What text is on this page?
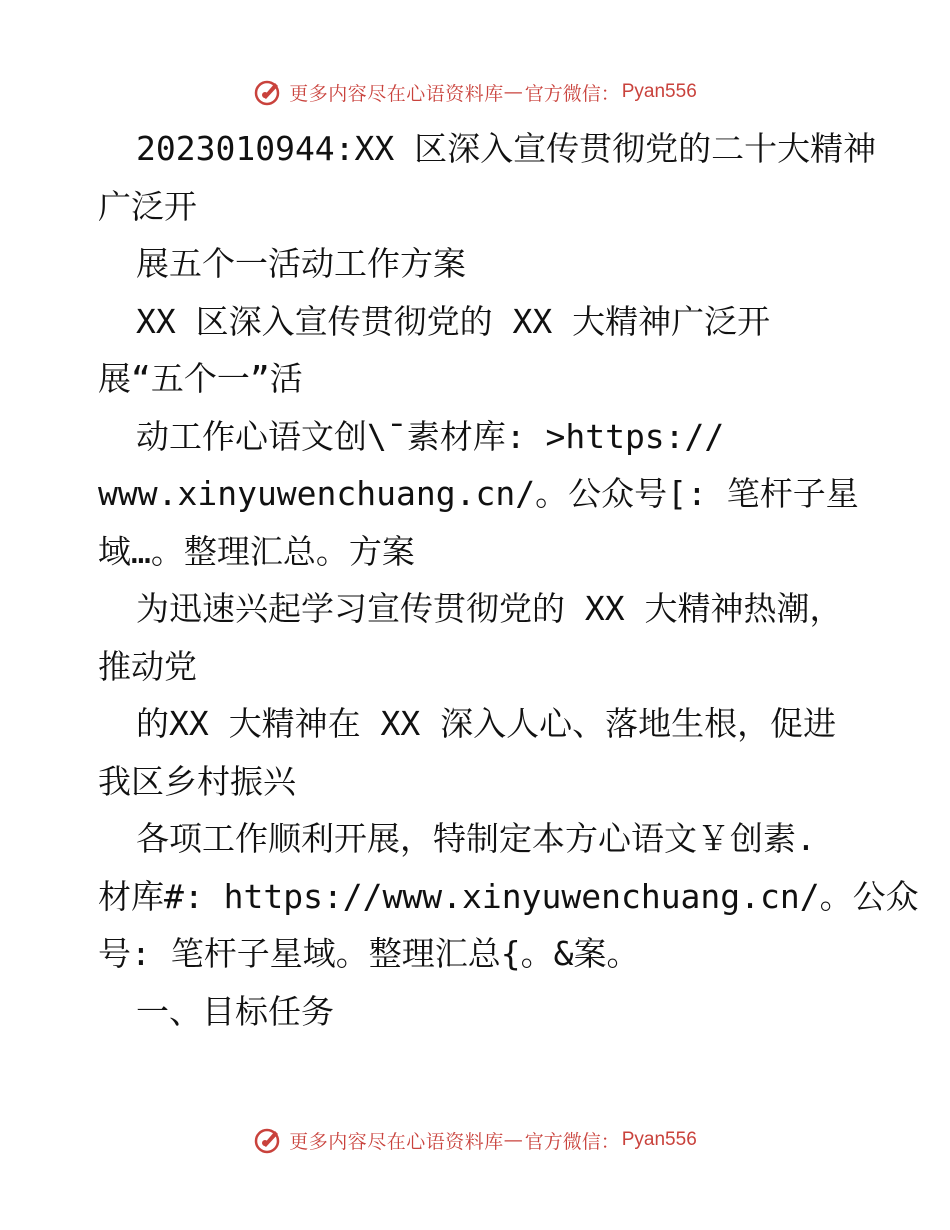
更多内容尽在心语资料库 — 官方微信： Pyan556
2023010944:XX 区深入宣传贯彻党的二十大精神
广泛开
展五个一活动工作方案
XX 区深入宣传贯彻党的 XX 大精神广泛开
展“五个一”活
动工作心语文创\¯素材库: >https://
www.xinyuwenchuang.cn/。公众号[: 笔杆子星
域…。整理汇总。方案
为迅速兴起学习宣传贯彻党的 XX 大精神热潮，
推动党
的XX 大精神在 XX 深入人心、落地生根，促进
我区乡村振兴
各项工作顺利开展，特制定本方心语文￥创素.
材库#: https://www.xinyuwenchuang.cn/。公众
号: 笔杆子星域。整理汇总{。&案。
一、目标任务
更多内容尽在心语资料库 — 官方微信： Pyan556
